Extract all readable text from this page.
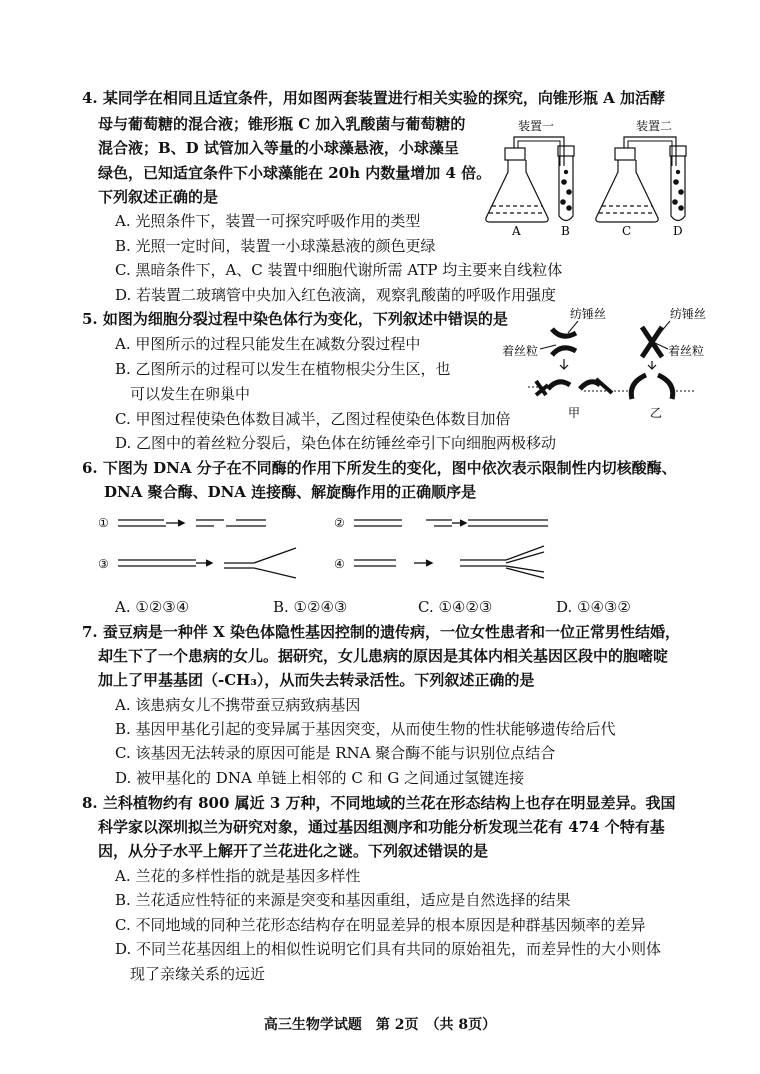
4. 某同学在相同且适宜条件，用如图两套装置进行相关实验的探究，向锥形瓶 A 加活酵
母与葡萄糖的混合液；锥形瓶 C 加入乳酸菌与葡萄糖的
混合液；B、D 试管加入等量的小球藻悬液，小球藻呈
绿色，已知适宜条件下小球藻能在 20h 内数量增加 4 倍。
下列叙述正确的是
A. 光照条件下，装置一可探究呼吸作用的类型
B. 光照一定时间，装置一小球藻悬液的颜色更绿
C. 黑暗条件下，A、C 装置中细胞代谢所需 ATP 均主要来自线粒体
D. 若装置二玻璃管中央加入红色液滴，观察乳酸菌的呼吸作用强度
装置一	装置二
A	B	C	D
5. 如图为细胞分裂过程中染色体行为变化，下列叙述中错误的是
A. 甲图所示的过程只能发生在减数分裂过程中
B. 乙图所示的过程可以发生在植物根尖分生区，也
可以发生在卵巢中
C. 甲图过程使染色体数目减半，乙图过程使染色体数目加倍
D. 乙图中的着丝粒分裂后，染色体在纺锤丝牵引下向细胞两极移动
纺锤丝	纺锤丝
着丝粒	着丝粒
甲	乙
6. 下图为 DNA 分子在不同酶的作用下所发生的变化，图中依次表示限制性内切核酸酶、
DNA 聚合酶、DNA 连接酶、解旋酶作用的正确顺序是
①	②
③	④
A. ①②③④	B. ①②④③	C. ①④②③	D. ①④③②
7. 蚕豆病是一种伴 X 染色体隐性基因控制的遗传病，一位女性患者和一位正常男性结婚，
却生下了一个患病的女儿。据研究，女儿患病的原因是其体内相关基因区段中的胞嘧啶
加上了甲基基团（-CH₃），从而失去转录活性。下列叙述正确的是
A. 该患病女儿不携带蚕豆病致病基因
B. 基因甲基化引起的变异属于基因突变，从而使生物的性状能够遗传给后代
C. 该基因无法转录的原因可能是 RNA 聚合酶不能与识别位点结合
D. 被甲基化的 DNA 单链上相邻的 C 和 G 之间通过氢键连接
8. 兰科植物约有 800 属近 3 万种，不同地域的兰花在形态结构上也存在明显差异。我国
科学家以深圳拟兰为研究对象，通过基因组测序和功能分析发现兰花有 474 个特有基
因，从分子水平上解开了兰花进化之谜。下列叙述错误的是
A. 兰花的多样性指的就是基因多样性
B. 兰花适应性特征的来源是突变和基因重组，适应是自然选择的结果
C. 不同地域的同种兰花形态结构存在明显差异的根本原因是种群基因频率的差异
D. 不同兰花基因组上的相似性说明它们具有共同的原始祖先，而差异性的大小则体
现了亲缘关系的远近
高三生物学试题　第 2页　（共 8页）
